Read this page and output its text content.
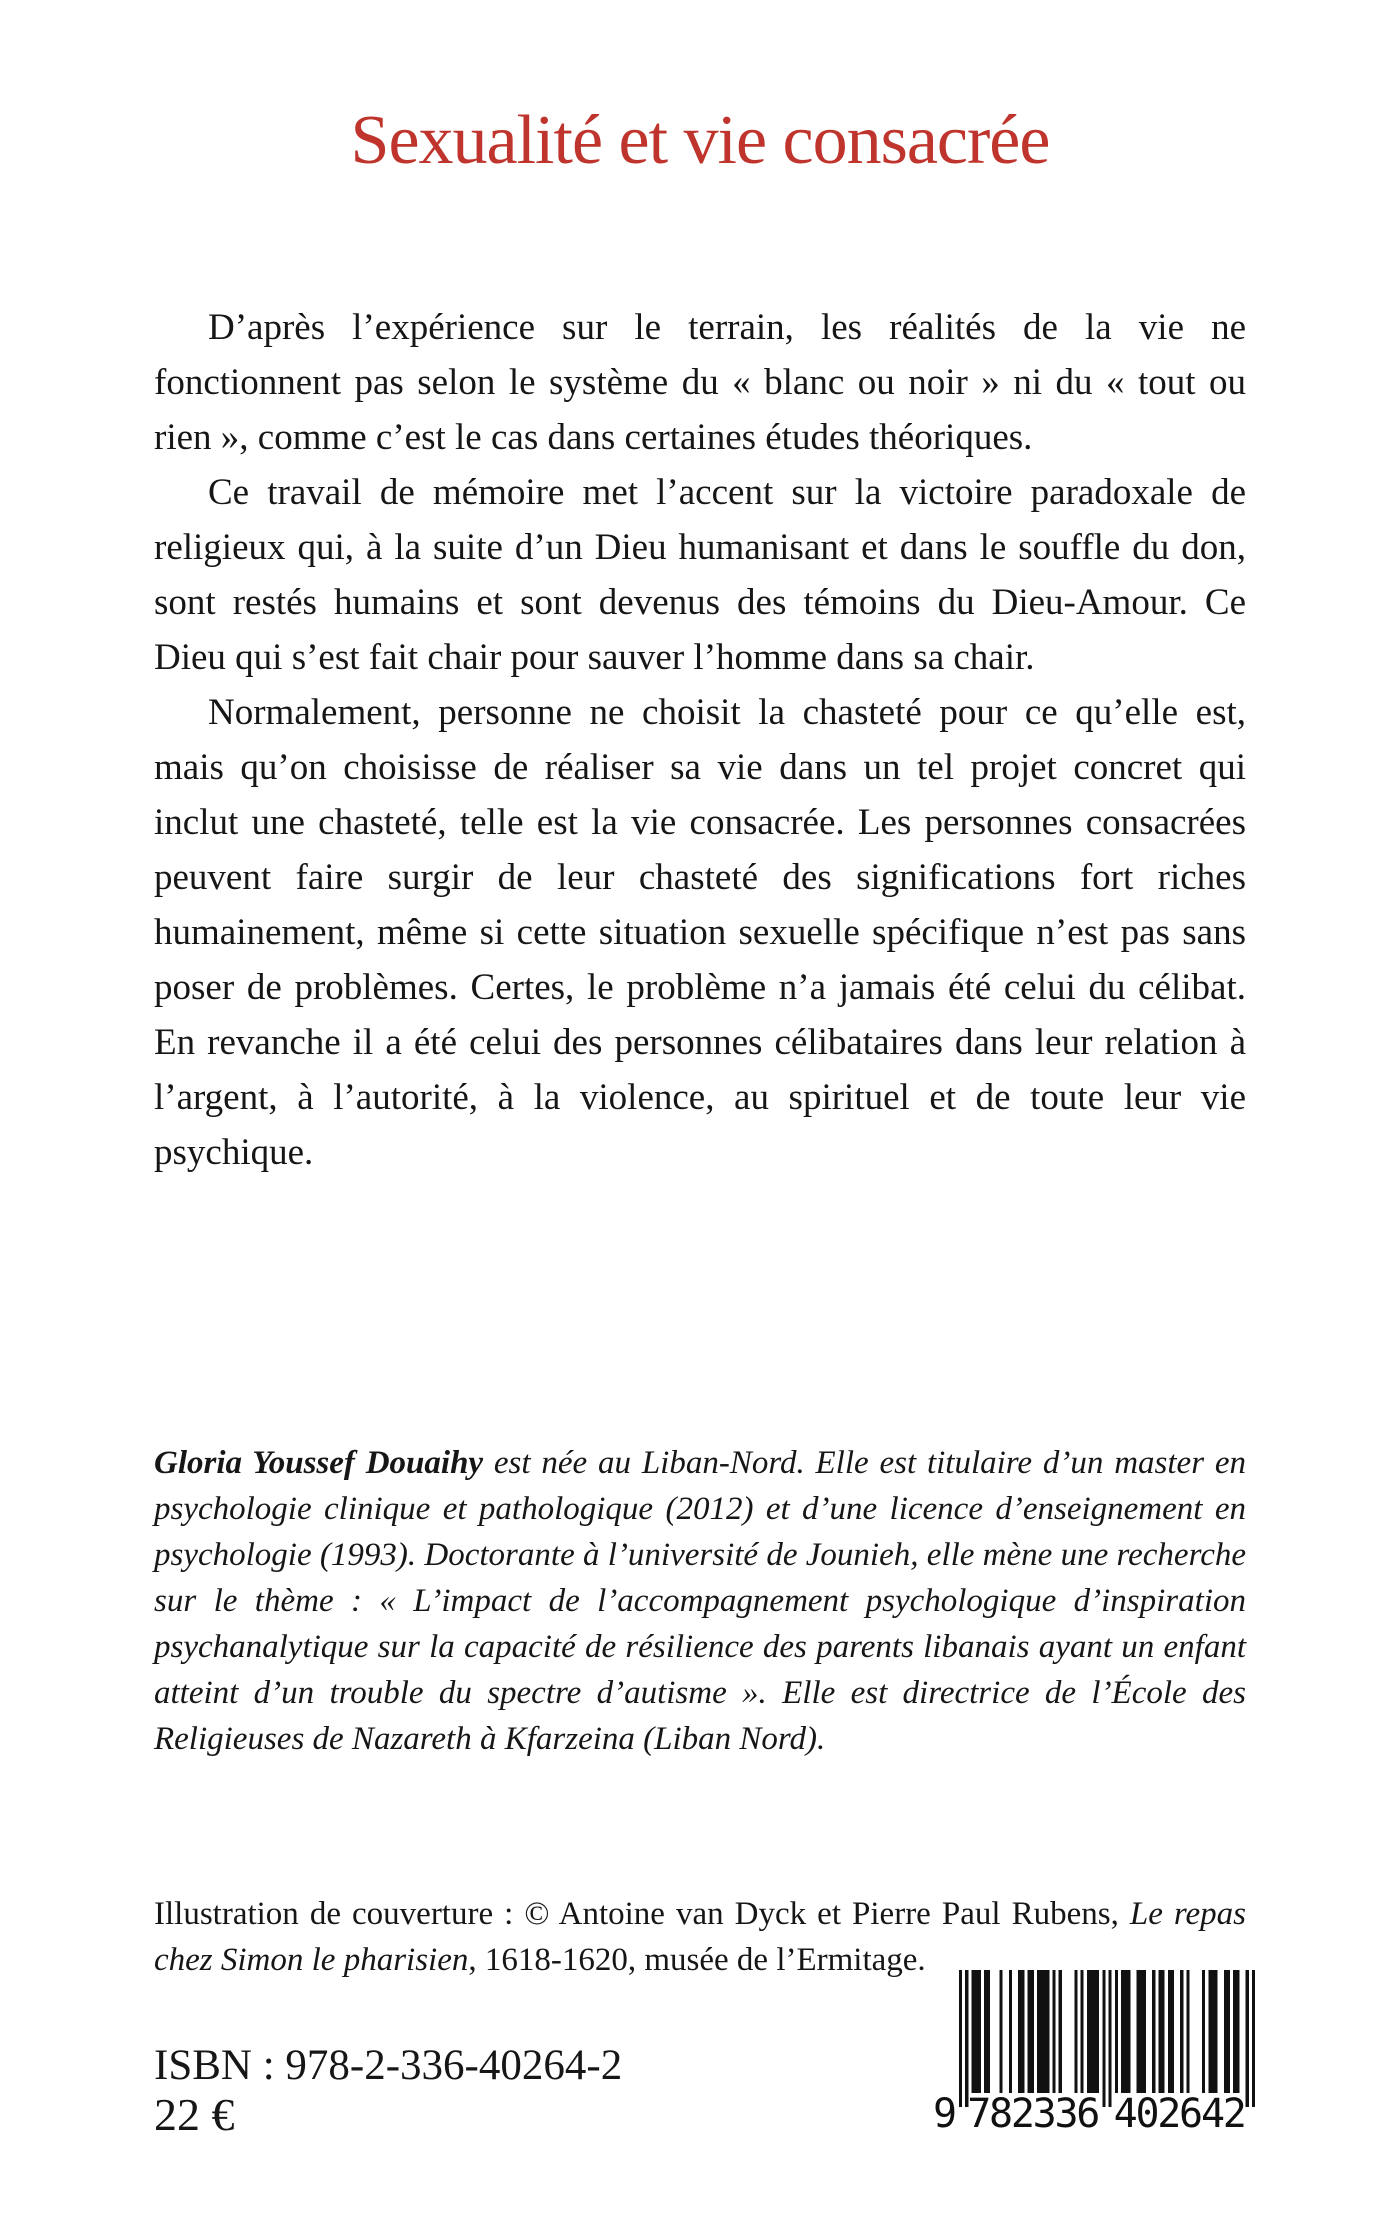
Sexualité et vie consacrée

D’après l’expérience sur le terrain, les réalités de la vie ne fonctionnent pas selon le système du « blanc ou noir » ni du « tout ou rien », comme c’est le cas dans certaines études théoriques.

Ce travail de mémoire met l’accent sur la victoire paradoxale de religieux qui, à la suite d’un Dieu humanisant et dans le souffle du don, sont restés humains et sont devenus des témoins du Dieu-Amour. Ce Dieu qui s’est fait chair pour sauver l’homme dans sa chair.

Normalement, personne ne choisit la chasteté pour ce qu’elle est, mais qu’on choisisse de réaliser sa vie dans un tel projet concret qui inclut une chasteté, telle est la vie consacrée. Les personnes consacrées peuvent faire surgir de leur chasteté des significations fort riches humainement, même si cette situation sexuelle spécifique n’est pas sans poser de problèmes. Certes, le problème n’a jamais été celui du célibat. En revanche il a été celui des personnes célibataires dans leur relation à l’argent, à l’autorité, à la violence, au spirituel et de toute leur vie psychique.

Gloria Youssef Douaihy est née au Liban-Nord. Elle est titulaire d’un master en psychologie clinique et pathologique (2012) et d’une licence d’enseignement en psychologie (1993). Doctorante à l’université de Jounieh, elle mène une recherche sur le thème : « L’impact de l’accompagnement psychologique d’inspiration psychanalytique sur la capacité de résilience des parents libanais ayant un enfant atteint d’un trouble du spectre d’autisme ». Elle est directrice de l’École des Religieuses de Nazareth à Kfarzeina (Liban Nord).
Illustration de couverture : © Antoine van Dyck et Pierre Paul Rubens, Le repas chez Simon le pharisien, 1618-1620, musée de l’Ermitage.
ISBN : 978-2-336-40264-2
22 €	9 7
8
2
3
3
6 4
0
2
6
4
2
